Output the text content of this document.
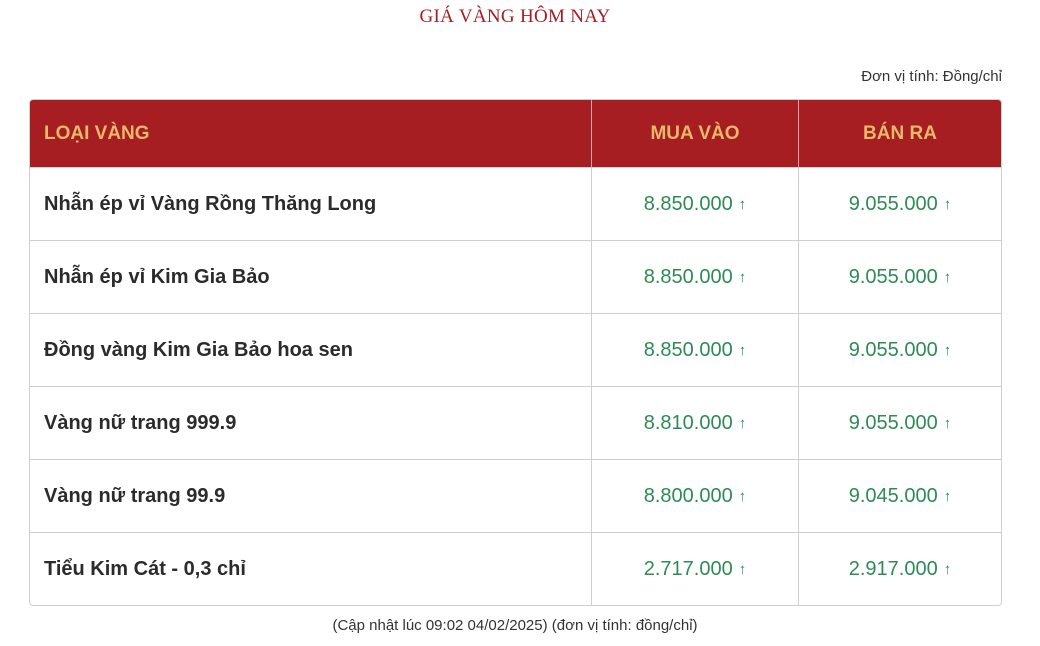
GIÁ VÀNG HÔM NAY
Đơn vị tính: Đồng/chỉ
LOẠI VÀNG	MUA VÀO	BÁN RA
Nhẫn ép vỉ Vàng Rồng Thăng Long	8.850.000 ↑	9.055.000 ↑
Nhẫn ép vỉ Kim Gia Bảo	8.850.000 ↑	9.055.000 ↑
Đồng vàng Kim Gia Bảo hoa sen	8.850.000 ↑	9.055.000 ↑
Vàng nữ trang 999.9	8.810.000 ↑	9.055.000 ↑
Vàng nữ trang 99.9	8.800.000 ↑	9.045.000 ↑
Tiểu Kim Cát - 0,3 chỉ	2.717.000 ↑	2.917.000 ↑
(Cập nhật lúc 09:02 04/02/2025) (đơn vị tính: đồng/chỉ)
